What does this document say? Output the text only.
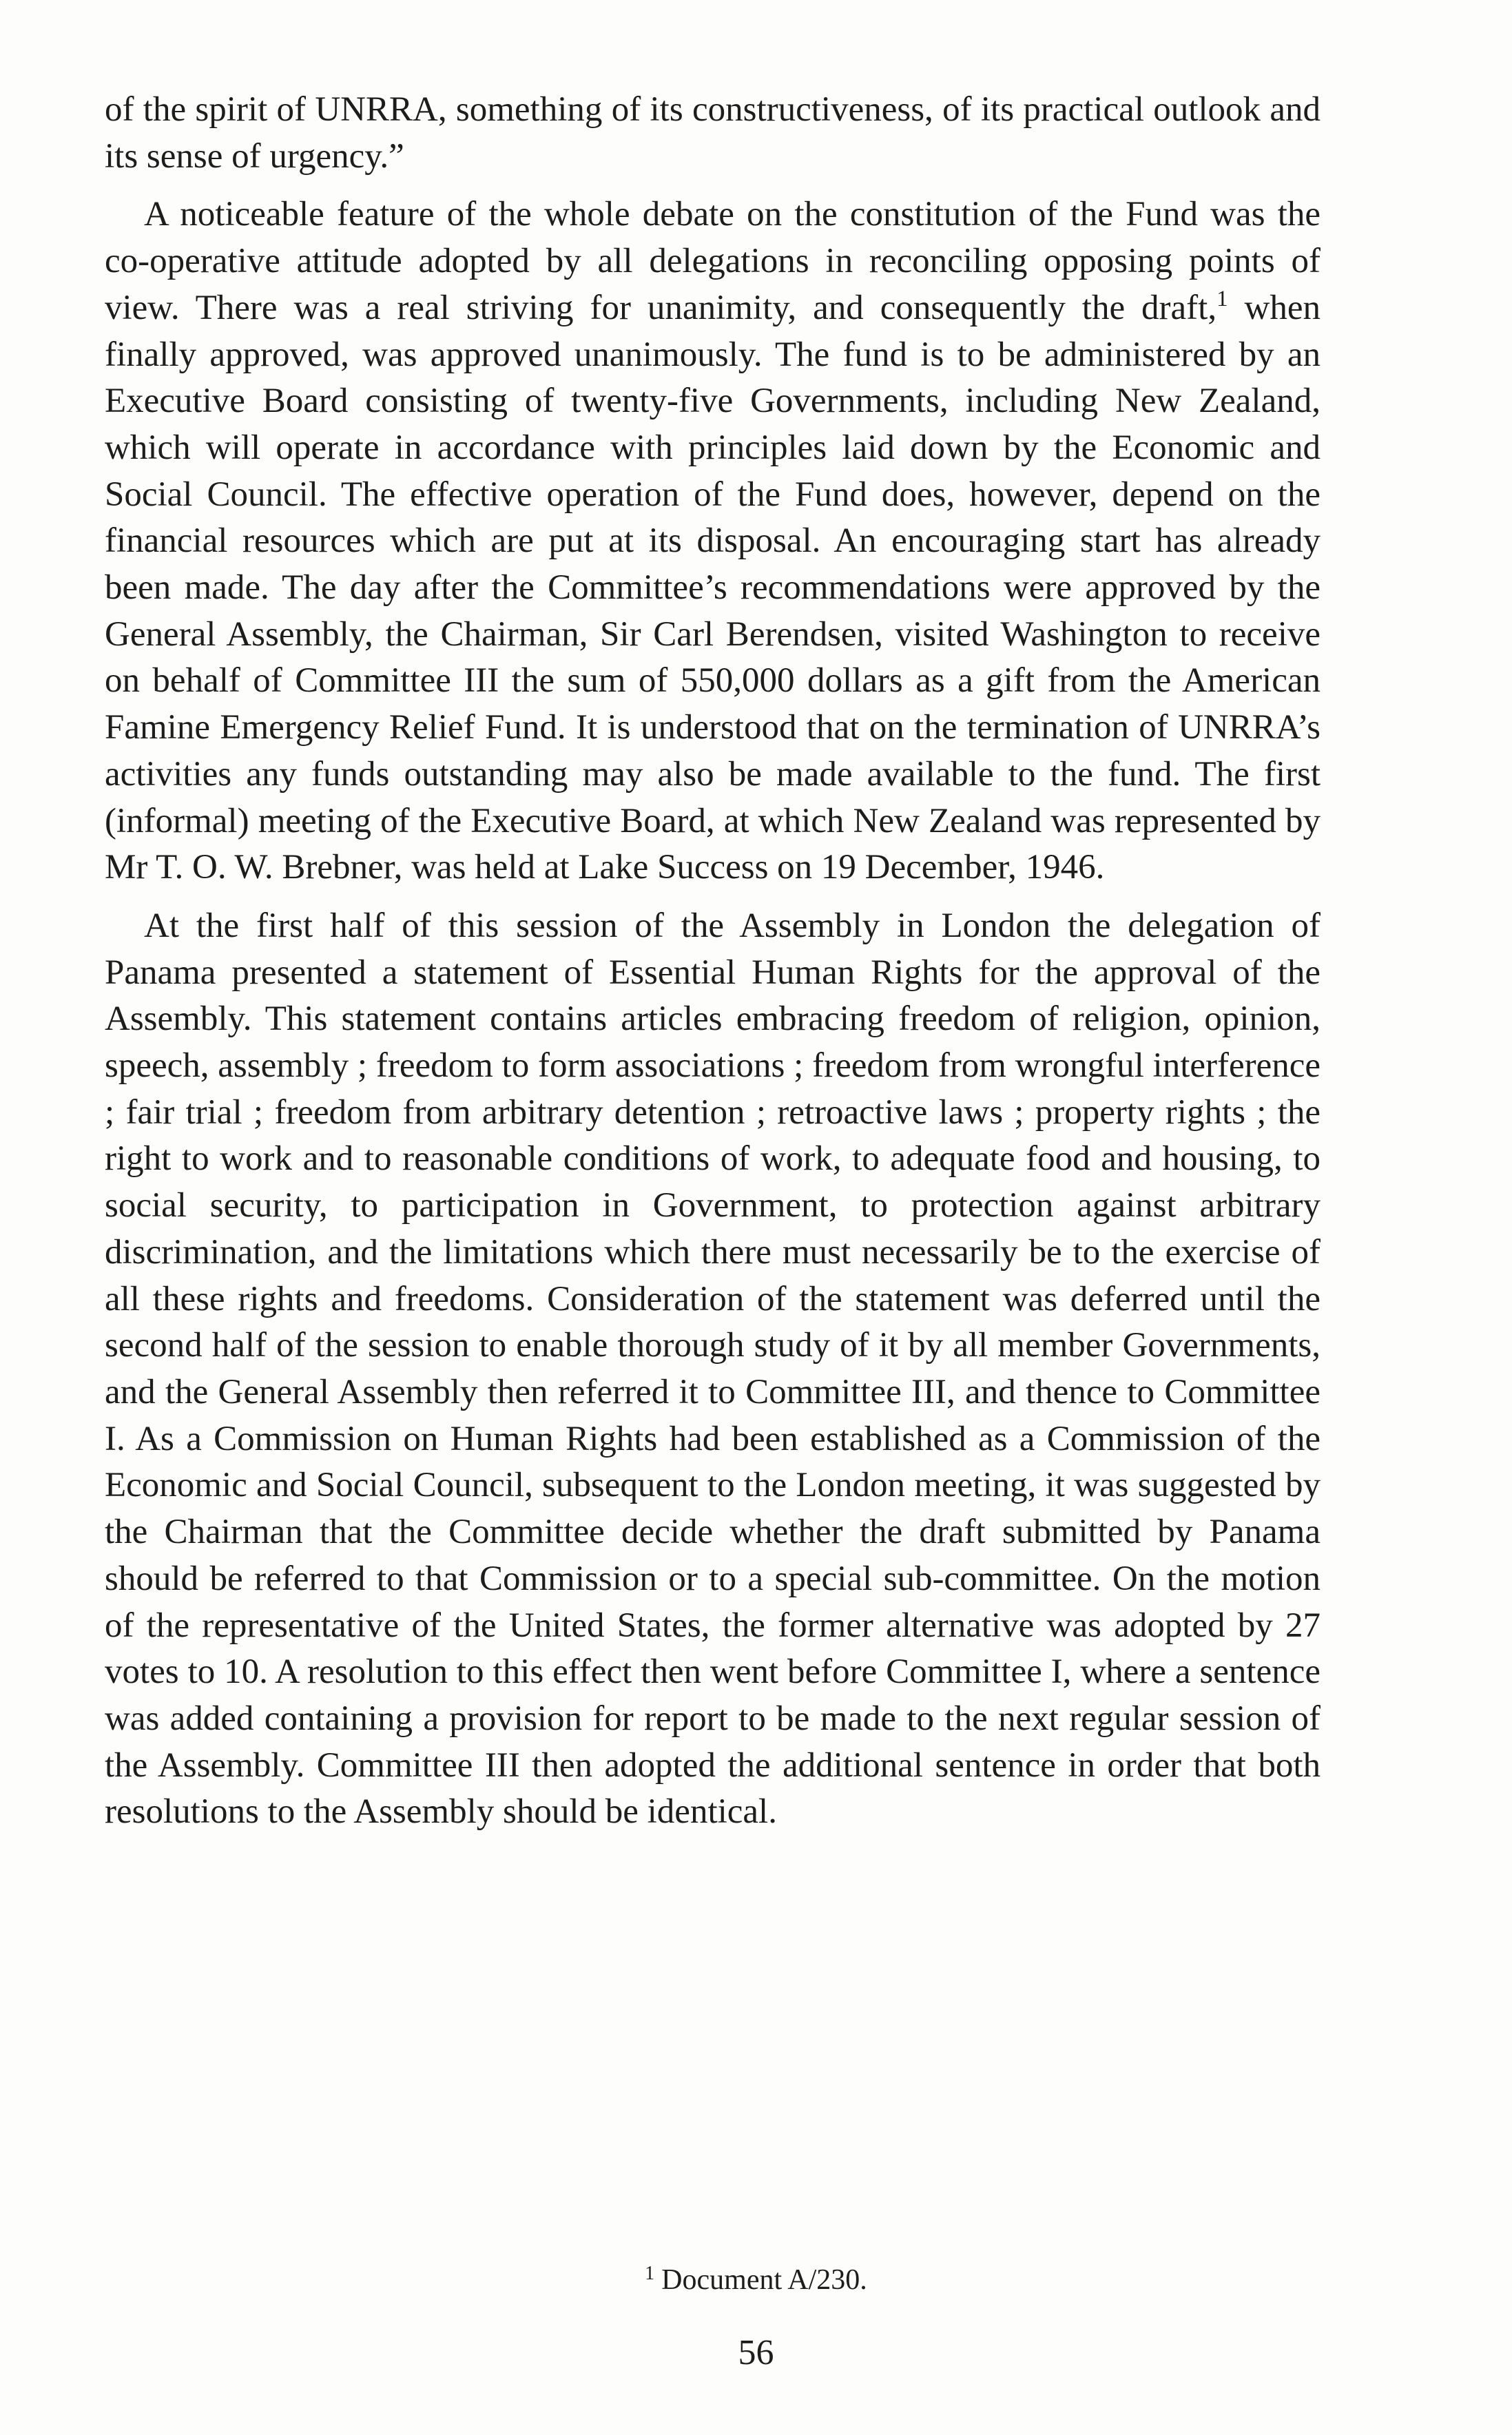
of the spirit of UNRRA, something of its constructiveness, of its practical outlook and its sense of urgency.”

A noticeable feature of the whole debate on the constitution of the Fund was the co-operative attitude adopted by all delegations in reconciling opposing points of view. There was a real striving for unanimity, and consequently the draft,$^1$ when finally approved, was approved unanimously. The fund is to be administered by an Executive Board consisting of twenty-five Governments, including New Zealand, which will operate in accordance with principles laid down by the Economic and Social Council. The effective operation of the Fund does, however, depend on the financial resources which are put at its disposal. An encouraging start has already been made. The day after the Committee’s recommendations were approved by the General Assembly, the Chairman, Sir Carl Berendsen, visited Washington to receive on behalf of Committee III the sum of 550,000 dollars as a gift from the American Famine Emergency Relief Fund. It is understood that on the termination of UNRRA’s activities any funds outstanding may also be made available to the fund. The first (informal) meeting of the Executive Board, at which New Zealand was represented by Mr T. O. W. Brebner, was held at Lake Success on 19 December, 1946.

At the first half of this session of the Assembly in London the delegation of Panama presented a statement of Essential Human Rights for the approval of the Assembly. This statement contains articles embracing freedom of religion, opinion, speech, assembly ; freedom to form associations ; freedom from wrongful interference ; fair trial ; freedom from arbitrary detention ; retroactive laws ; property rights ; the right to work and to reasonable conditions of work, to adequate food and housing, to social security, to participation in Government, to protection against arbitrary discrimination, and the limitations which there must necessarily be to the exercise of all these rights and freedoms. Consideration of the statement was deferred until the second half of the session to enable thorough study of it by all member Governments, and the General Assembly then referred it to Committee III, and thence to Committee I. As a Commission on Human Rights had been established as a Commission of the Economic and Social Council, subsequent to the London meeting, it was suggested by the Chairman that the Committee decide whether the draft submitted by Panama should be referred to that Commission or to a special sub-committee. On the motion of the representative of the United States, the former alternative was adopted by 27 votes to 10. A resolution to this effect then went before Committee I, where a sentence was added containing a provision for report to be made to the next regular session of the Assembly. Committee III then adopted the additional sentence in order that both resolutions to the Assembly should be identical.

$^1$ Document A/230.
56
